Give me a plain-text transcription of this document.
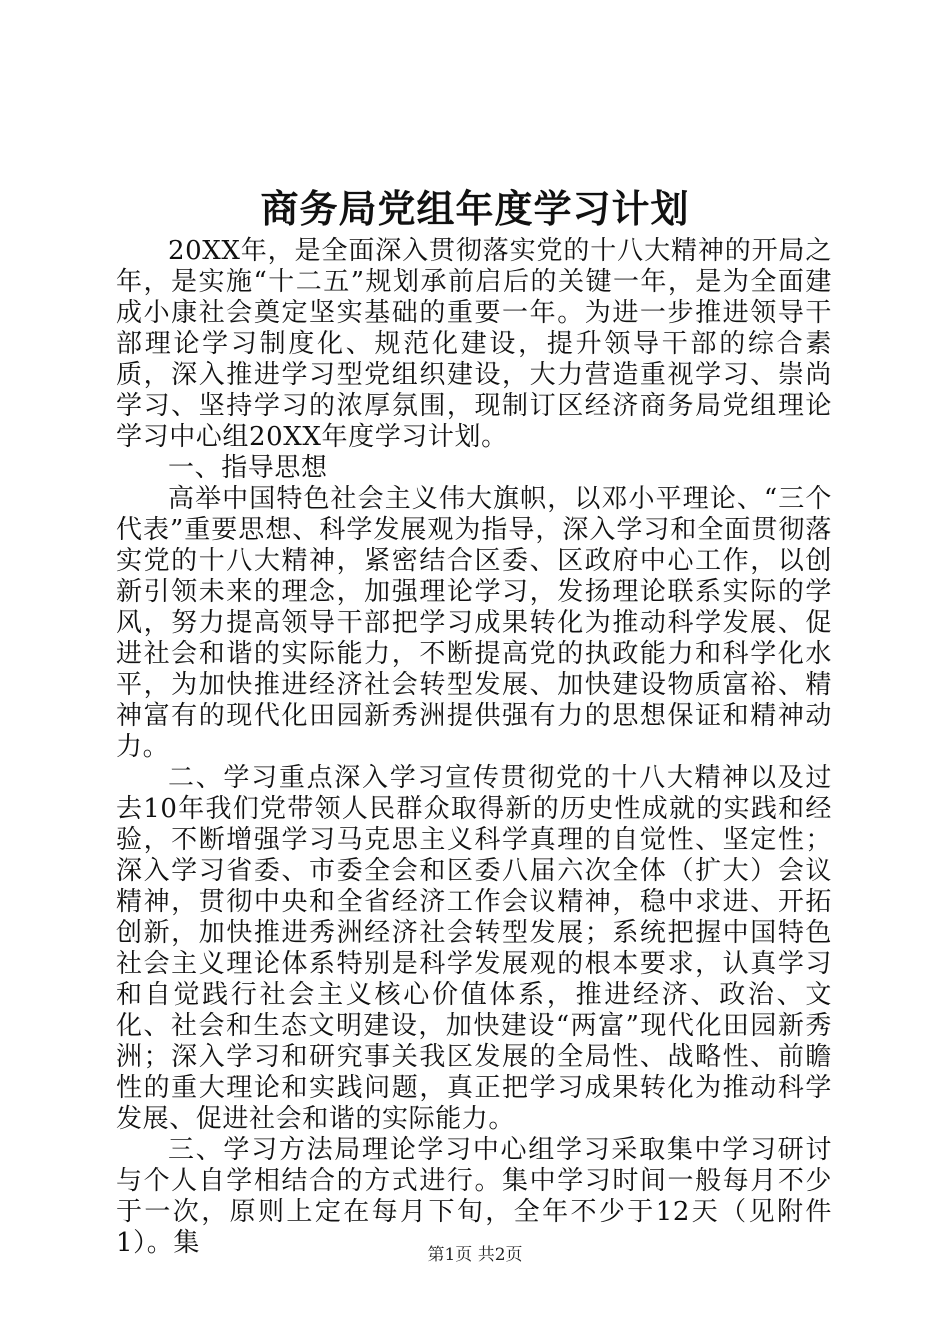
商务局党组年度学习计划

20XX年，是全面深入贯彻落实党的十八大精神的开局之年，是实施“十二五”规划承前启后的关键一年，是为全面建成小康社会奠定坚实基础的重要一年。为进一步推进领导干部理论学习制度化、规范化建设，提升领导干部的综合素质，深入推进学习型党组织建设，大力营造重视学习、崇尚学习、坚持学习的浓厚氛围，现制订区经济商务局党组理论学习中心组20XX年度学习计划。

一、指导思想

高举中国特色社会主义伟大旗帜，以邓小平理论、“三个代表”重要思想、科学发展观为指导，深入学习和全面贯彻落实党的十八大精神，紧密结合区委、区政府中心工作，以创新引领未来的理念，加强理论学习，发扬理论联系实际的学风，努力提高领导干部把学习成果转化为推动科学发展、促进社会和谐的实际能力，不断提高党的执政能力和科学化水平，为加快推进经济社会转型发展、加快建设物质富裕、精神富有的现代化田园新秀洲提供强有力的思想保证和精神动力。

二、学习重点深入学习宣传贯彻党的十八大精神以及过去10年我们党带领人民群众取得新的历史性成就的实践和经验，不断增强学习马克思主义科学真理的自觉性、坚定性；深入学习省委、市委全会和区委八届六次全体（扩大）会议精神，贯彻中央和全省经济工作会议精神，稳中求进、开拓创新，加快推进秀洲经济社会转型发展；系统把握中国特色社会主义理论体系特别是科学发展观的根本要求，认真学习和自觉践行社会主义核心价值体系，推进经济、政治、文化、社会和生态文明建设，加快建设“两富”现代化田园新秀洲；深入学习和研究事关我区发展的全局性、战略性、前瞻性的重大理论和实践问题，真正把学习成果转化为推动科学发展、促进社会和谐的实际能力。

三、学习方法局理论学习中心组学习采取集中学习研讨与个人自学相结合的方式进行。集中学习时间一般每月不少于一次，原则上定在每月下旬，全年不少于12天（见附件1）。集	第1页 共2页
